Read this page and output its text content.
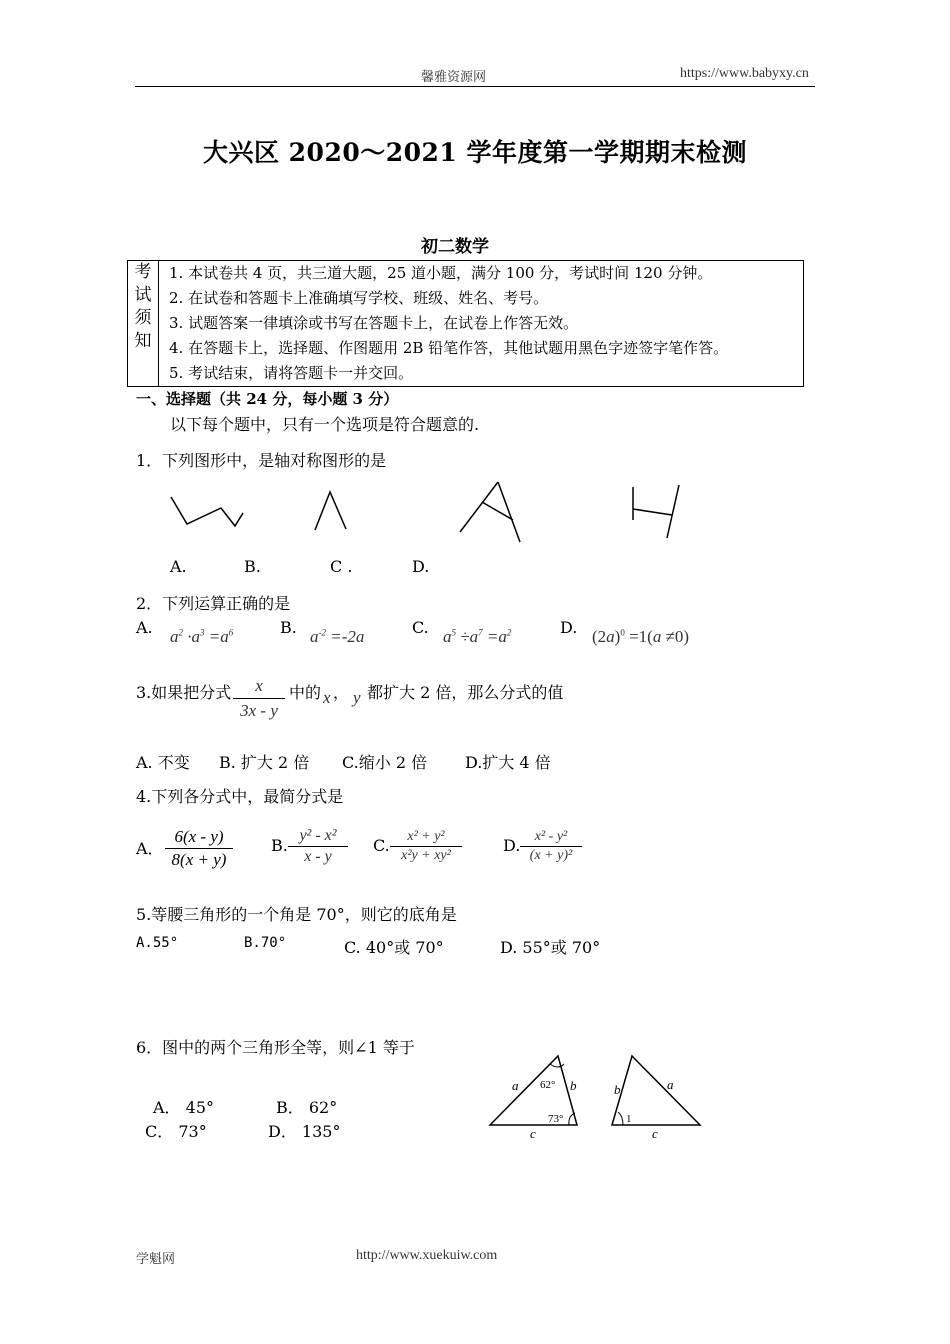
馨雅资源网	https://www.babyxy.cn
大兴区 2020～2021 学年度第一学期期末检测
初二数学
考
试
须
知

1. 本试卷共 4 页，共三道大题，25 道小题，满分 100 分，考试时间 120 分钟。
2. 在试卷和答题卡上准确填写学校、班级、姓名、考号。
3. 试题答案一律填涂或书写在答题卡上，在试卷上作答无效。
4. 在答题卡上，选择题、作图题用 2B 铅笔作答，其他试题用黑色字迹签字笔作答。
5. 考试结束，请将答题卡一并交回。
一、选择题（共 24 分，每小题 3 分）
以下每个题中，只有一个选项是符合题意的.
1．下列图形中，是轴对称图形的是
A.	B.	C .	D.
2．下列运算正确的是
A. $a^2 \cdot a^3 =a^6$	B. $a^{-2} =-2a$	C. $a^5 \div a^7 =a^2$	D. $(2a)^0 =1(a \ne 0)$
3.如果把分式 $\frac{x}{3x - y}$ 中的 x ， y 都扩大 2 倍，那么分式的值
A. 不变 B. 扩大 2 倍 C.缩小 2 倍 D.扩大 4 倍
4.下列各分式中，最简分式是
A． $\frac{6(x - y)}{8(x + y)} B$. $\frac{\text{y² - x²}}{x - y} C$. $\frac{\text{x² + y²}}{\text{x²y + xy²}}$	D. $\frac{\text{x² - y²}}{\text{(x + y)²}}$
5.等腰三角形的一个角是 70°，则它的底角是
A.55°	B.70°	C. 40°或 70°	D. 55°或 70°
6．图中的两个三角形全等，则∠1 等于
A． 45°	B． 62°
C． 73°	D． 135°
a 62° b
73°
c
b	a
1
c
学魁网	http://www.xuekuiw.com
